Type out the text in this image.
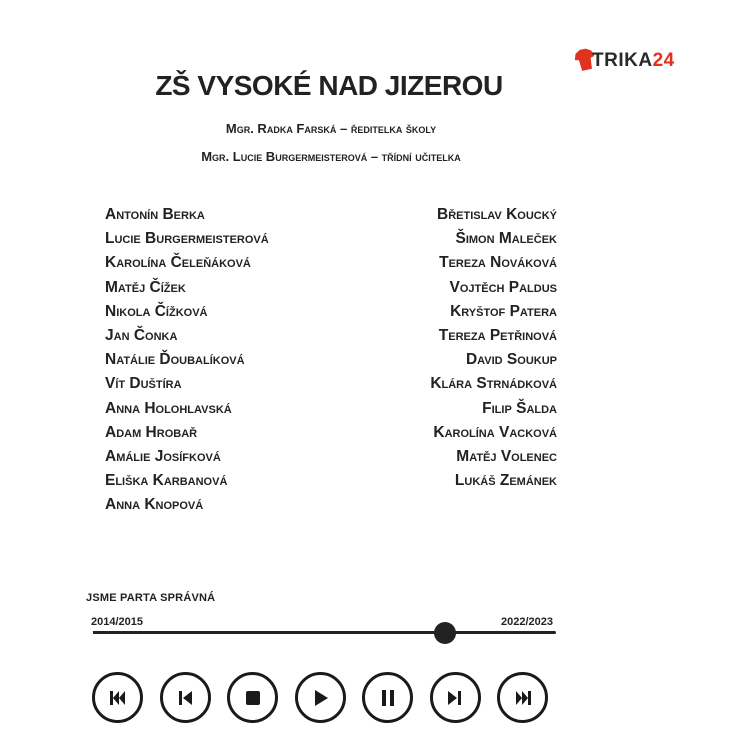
TRIKA24
ZŠ VYSOKÉ NAD JIZEROU
Mgr. Radka Farská – ředitelka školy
Mgr. Lucie Burgermeisterová – třídní učitelka
Antonín Berka
Lucie Burgermeisterová
Karolína Čeleňáková
Matěj Čížek
Nikola Čížková
Jan Čonka
Natálie Ďoubalíková
Vít Duštíra
Anna Holohlavská
Adam Hrobař
Amálie Josífková
Eliška Karbanová
Anna Knopová
Břetislav Koucký
Šimon Maleček
Tereza Nováková
Vojtěch Paldus
Kryštof Patera
Tereza Petřinová
David Soukup
Klára Strnádková
Filip Šalda
Karolína Vacková
Matěj Volenec
Lukáš Zemánek
JSME PARTA SPRÁVNÁ
2014/2015	2022/2023
